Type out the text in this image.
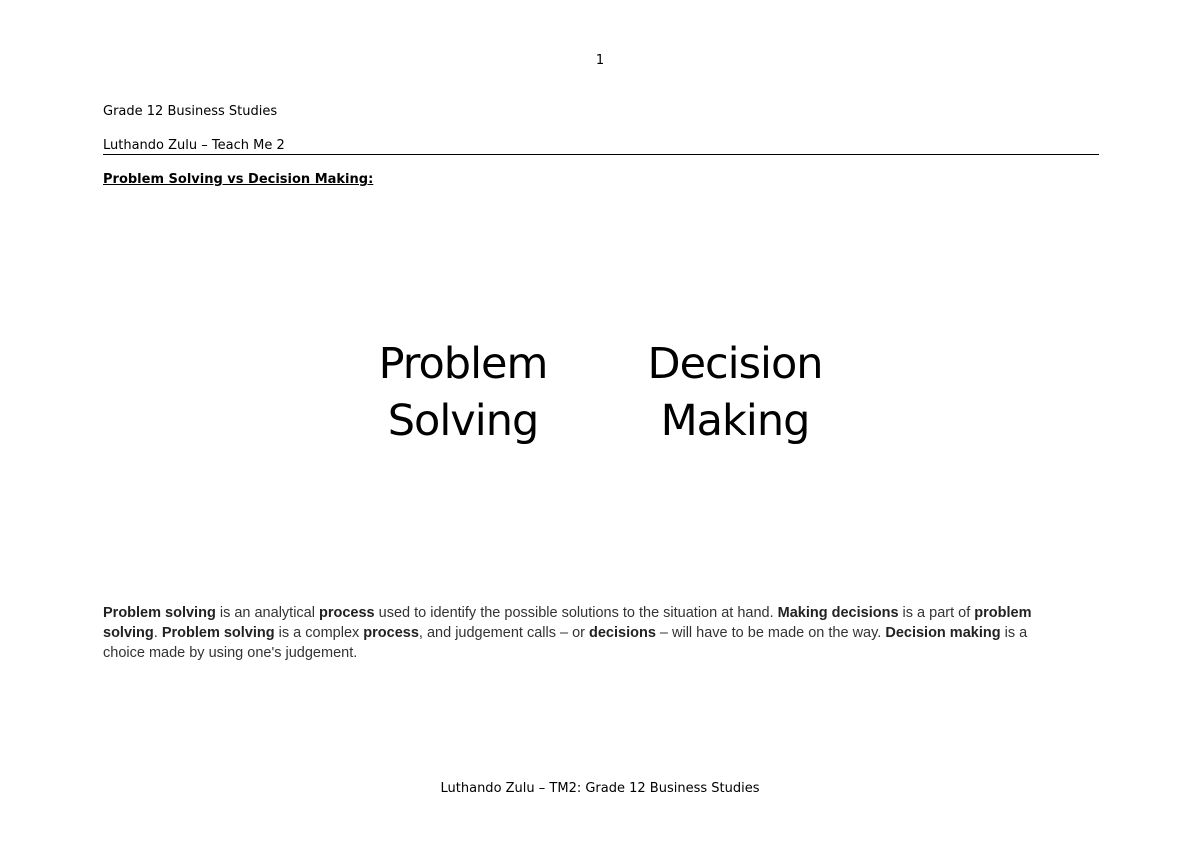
1
Grade 12 Business Studies
Luthando Zulu – Teach Me 2
Problem Solving vs Decision Making:
Problem
Solving
Decision
Making
Problem solving is an analytical process used to identify the possible solutions to the situation at hand. Making decisions is a part of problem solving. Problem solving is a complex process, and judgement calls – or decisions – will have to be made on the way. Decision making is a choice made by using one's judgement.
Luthando Zulu – TM2: Grade 12 Business Studies
